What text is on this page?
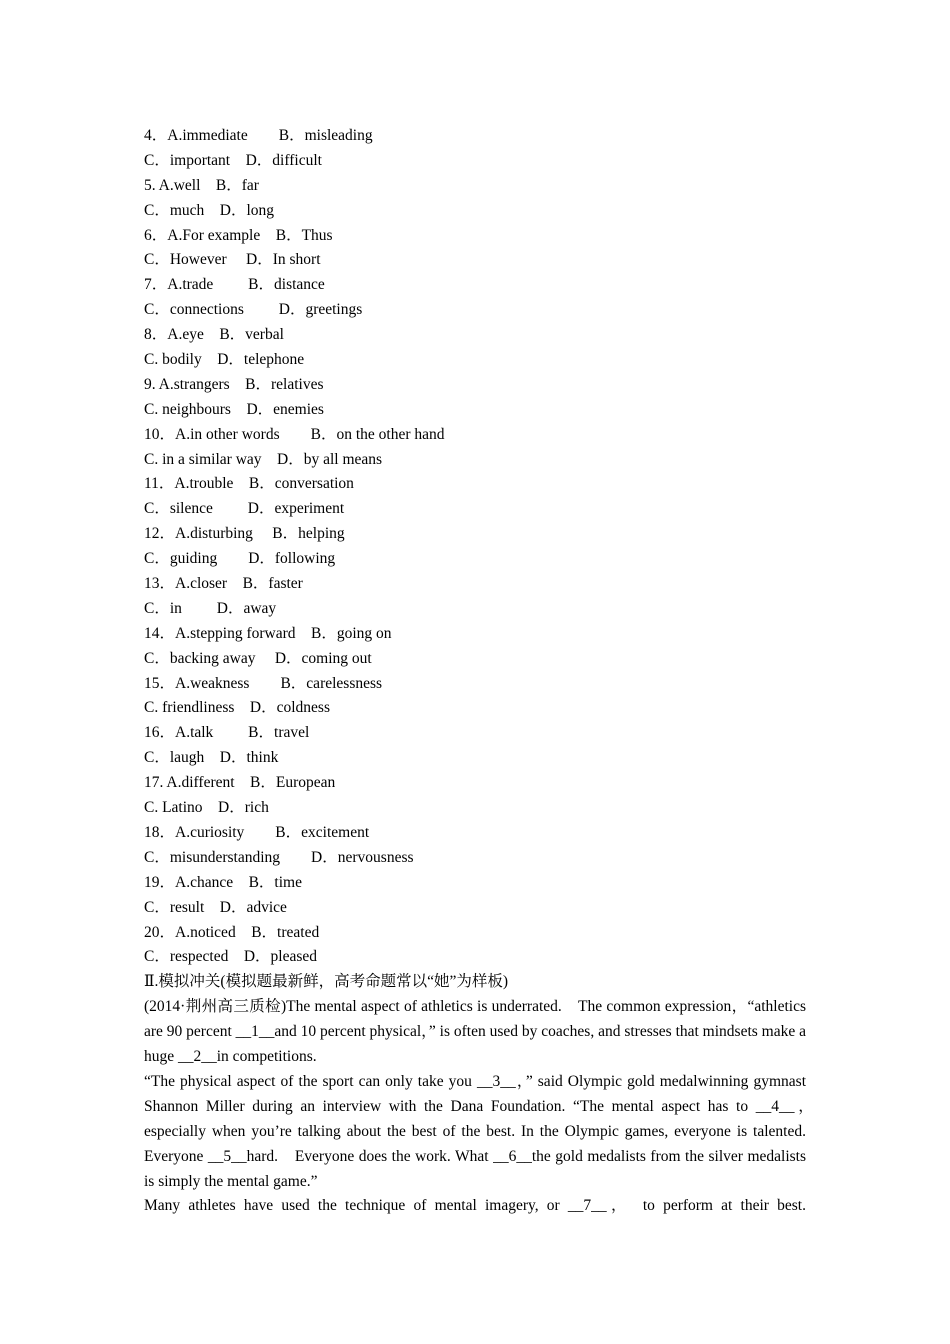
4．A.immediate　　B．misleading
C．important　D．difficult
5. A.well　B．far
C．much　D．long
6．A.For example　B．Thus
C．However　 D．In short
7．A.trade　　 B．distance
C．connections　　 D．greetings
8．A.eye　B．verbal
C. bodily　D．telephone
9. A.strangers　B．relatives
C. neighbours　D．enemies
10．A.in other words　　B．on the other hand
C. in a similar way　D．by all means
11．A.trouble　B．conversation
C．silence　　 D．experiment
12．A.disturbing　 B．helping
C．guiding　　D．following
13．A.closer　B．faster
C．in　　 D．away
14．A.stepping forward　B．going on
C．backing away　 D．coming out
15．A.weakness　　B．carelessness
C. friendliness　D．coldness
16．A.talk　　 B．travel
C．laugh　D．think
17. A.different　B．European
C. Latino　D．rich
18．A.curiosity　　B．excitement
C．misunderstanding　　D．nervousness
19．A.chance　B．time
C．result　D．advice
20．A.noticed　B．treated
C．respected　D．pleased
Ⅱ.模拟冲关(模拟题最新鲜，高考命题常以“她”为样板)

(2014·荆州高三质检)The mental aspect of athletics is underrated.　The common expression，“athletics are 90 percent __1__and 10 percent physical，” is often used by coaches, and stresses that mindsets make a huge __2__in competitions.

“The physical aspect of the sport can only take you __3__，” said Olympic gold medalwinning gymnast Shannon Miller during an interview with the Dana Foundation. “The mental aspect has to __4__，　especially when you’re talking about the best of the best. In the Olympic games, everyone is talented.　Everyone __5__hard.　Everyone does the work. What __6__the gold medalists from the silver medalists is simply the mental game.”

Many athletes have used the technique of mental imagery, or __7__，　to perform at their best.
